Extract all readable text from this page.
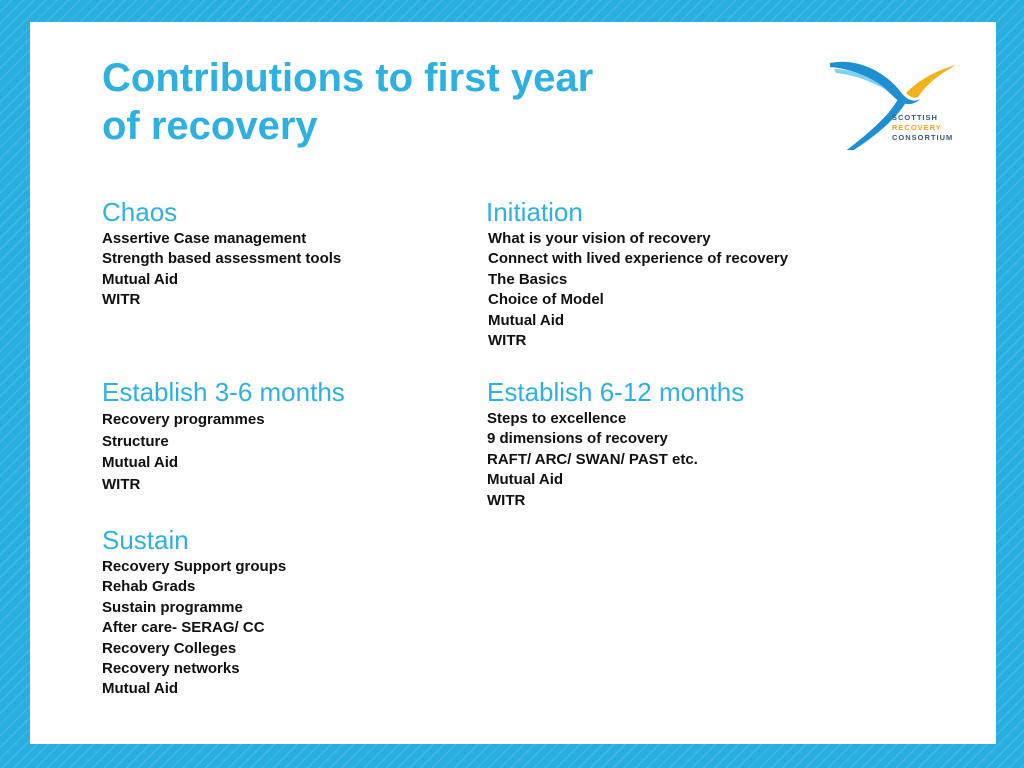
Contributions to first year
of recovery	SCOTTISH
RECOVERY
CONSORTIUM
Chaos
Assertive Case management
Strength based assessment tools
Mutual Aid
WITR
Initiation
What is your vision of recovery
Connect with lived experience of recovery
The Basics
Choice of Model
Mutual Aid
WITR
Establish 3-6 months
Recovery programmes
Structure
Mutual Aid
WITR
Establish 6-12 months
Steps to excellence
9 dimensions of recovery
RAFT/ ARC/ SWAN/ PAST etc.
Mutual Aid
WITR
Sustain
Recovery Support groups
Rehab Grads
Sustain programme
After care- SERAG/ CC
Recovery Colleges
Recovery networks
Mutual Aid
